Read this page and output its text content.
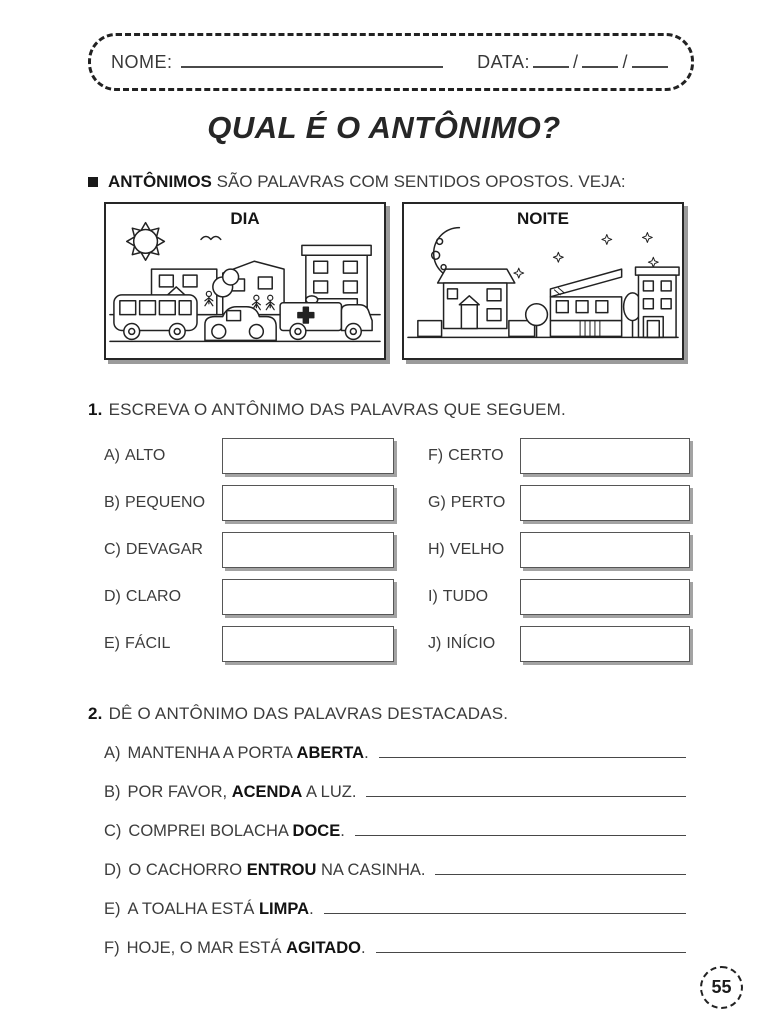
NOME:	DATA: / /
QUAL É O ANTÔNIMO?
ANTÔNIMOS SÃO PALAVRAS COM SENTIDOS OPOSTOS. VEJA:
DIA	NOITE
1. ESCREVA O ANTÔNIMO DAS PALAVRAS QUE SEGUEM.
A) ALTO
B) PEQUENO
C) DEVAGAR
D) CLARO
E) FÁCIL
F) CERTO
G) PERTO
H) VELHO
I) TUDO
J) INÍCIO
2. DÊ O ANTÔNIMO DAS PALAVRAS DESTACADAS.
A) MANTENHA A PORTA ABERTA.
B) POR FAVOR, ACENDA A LUZ.
C) COMPREI BOLACHA DOCE.
D) O CACHORRO ENTROU NA CASINHA.
E) A TOALHA ESTÁ LIMPA.
F) HOJE, O MAR ESTÁ AGITADO.
55
